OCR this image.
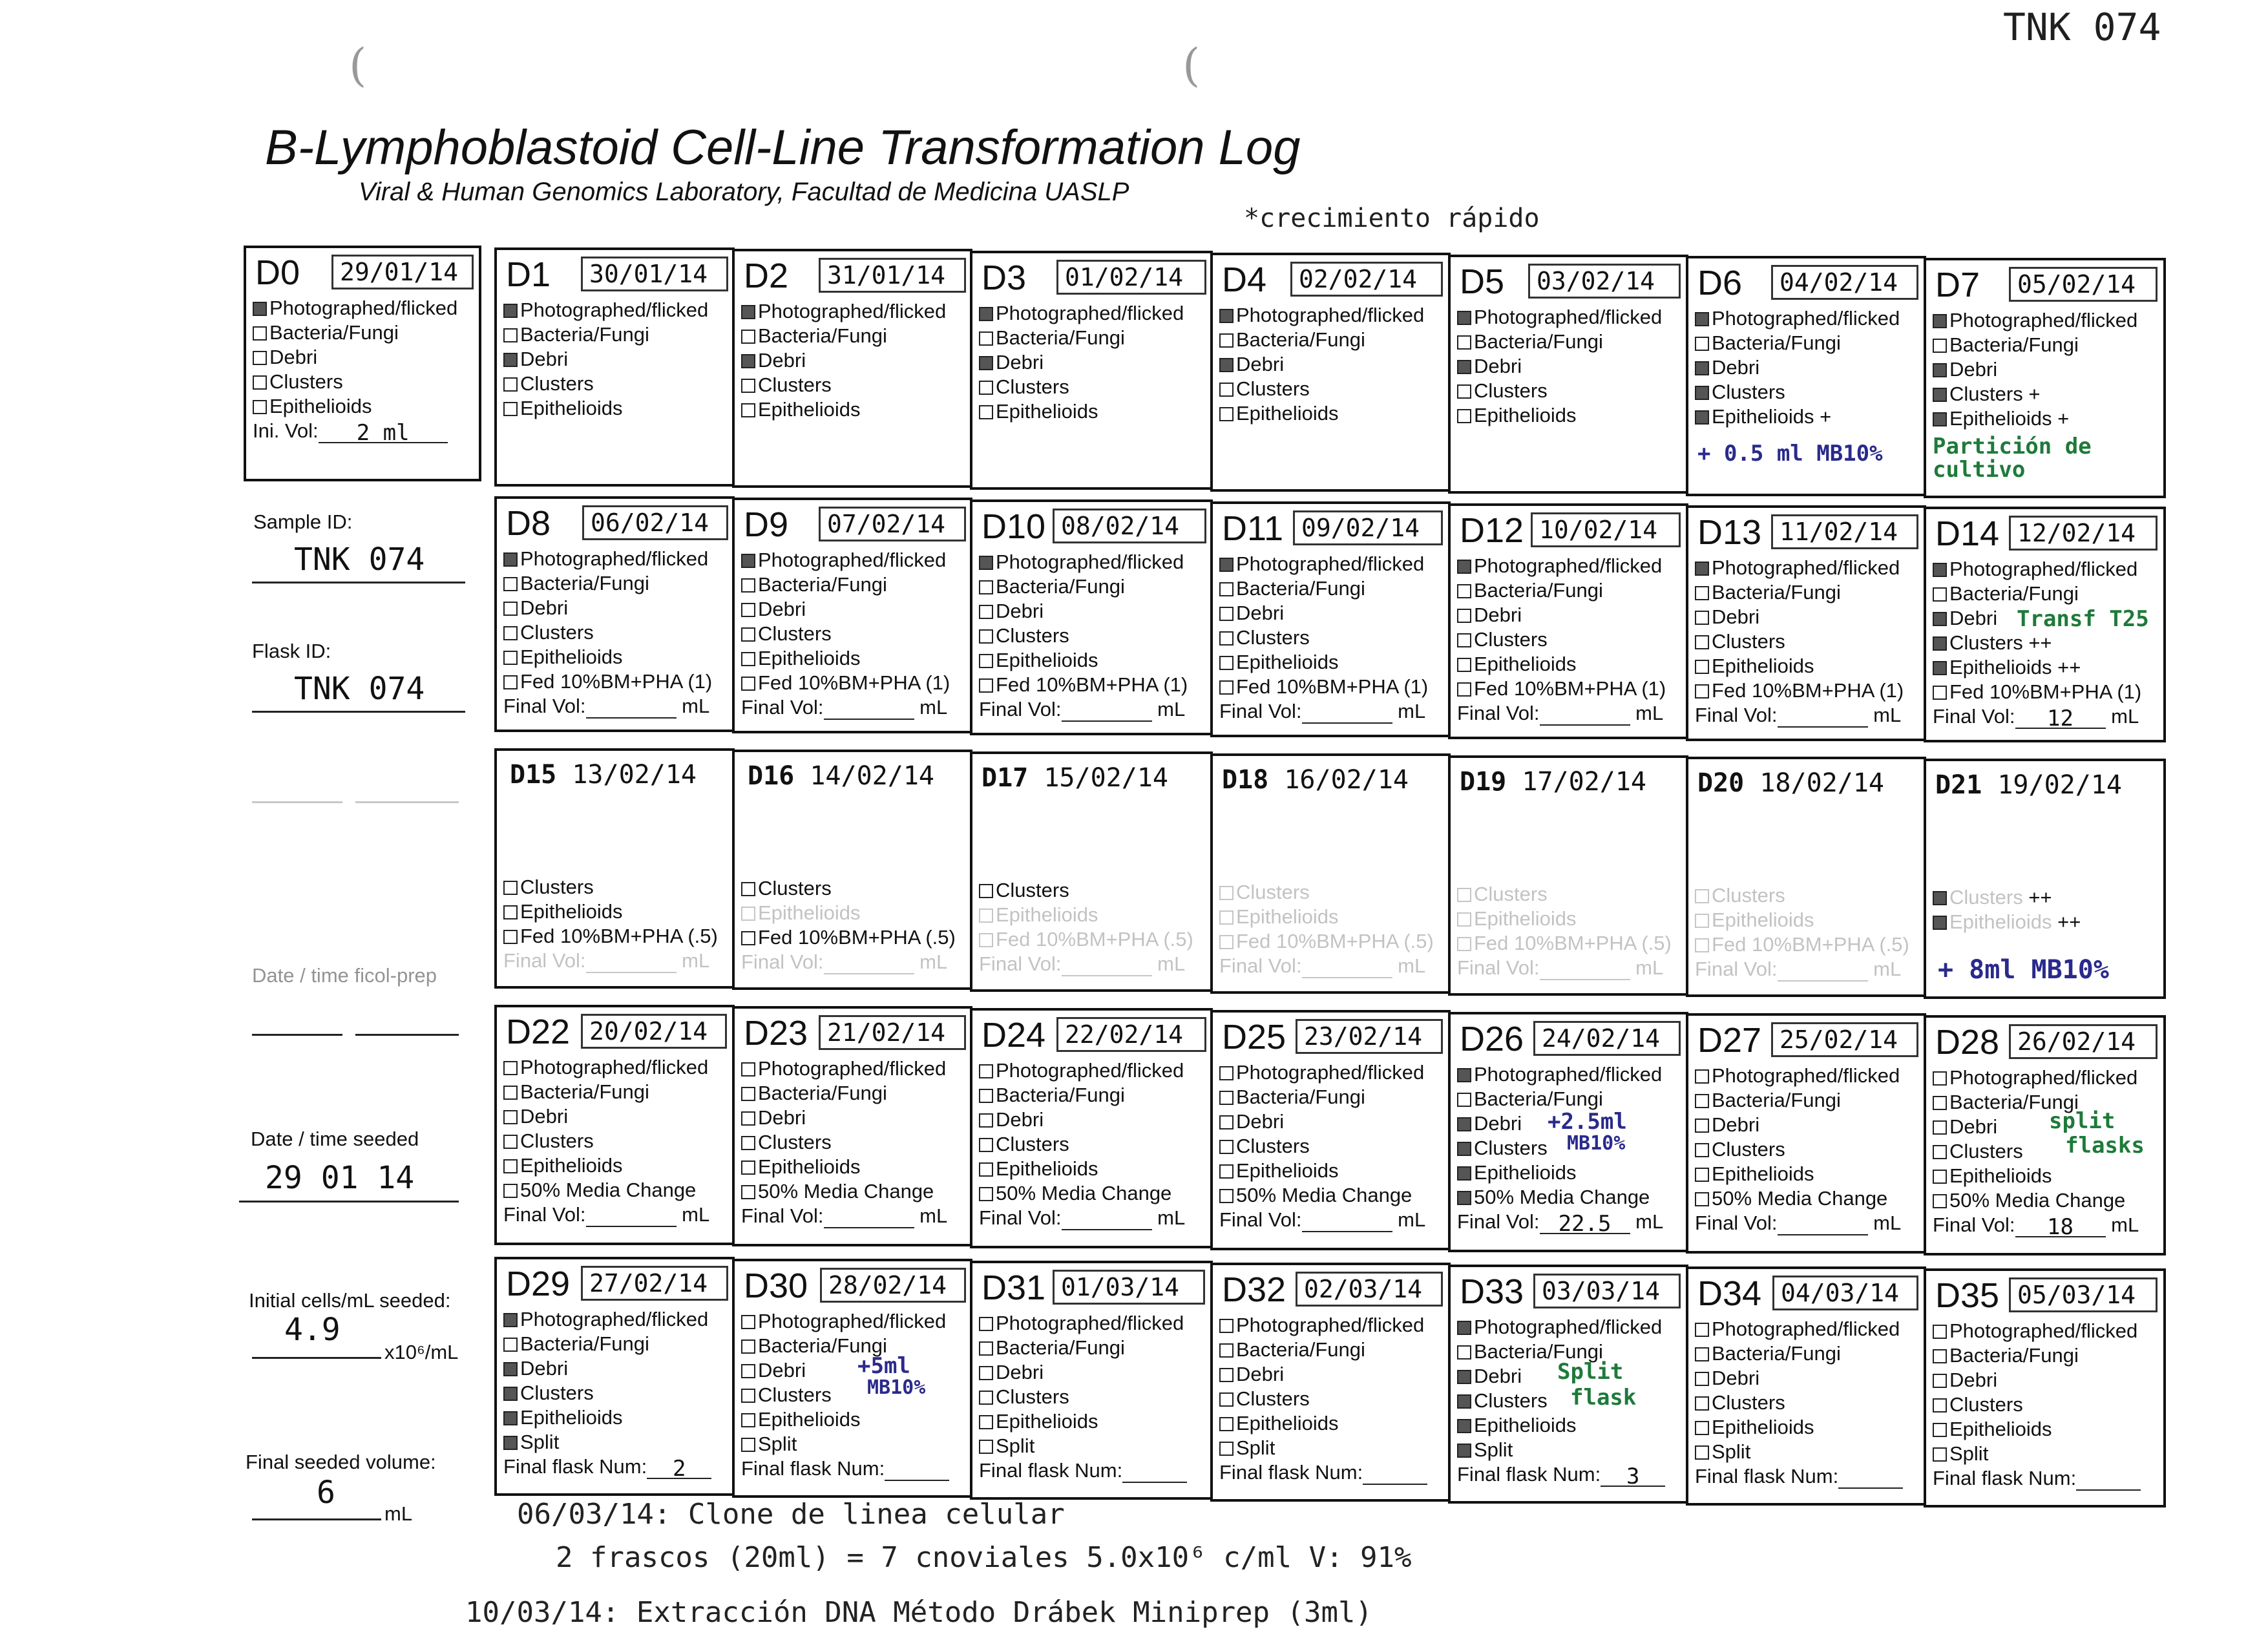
(	(
TNK 074
B-Lymphoblastoid Cell-Line Transformation Log
Viral & Human Genomics Laboratory, Facultad de Medicina UASLP
*crecimiento rápido
D0	29/01/14
Photographed/flicked
Bacteria/Fungi
Debri
Clusters
Epithelioids
Ini. Vol: 2 ml
D1	30/01/14
Photographed/flicked
Bacteria/Fungi
Debri
Clusters
Epithelioids
D2	31/01/14
Photographed/flicked
Bacteria/Fungi
Debri
Clusters
Epithelioids
D3	01/02/14
Photographed/flicked
Bacteria/Fungi
Debri
Clusters
Epithelioids
D4	02/02/14
Photographed/flicked
Bacteria/Fungi
Debri
Clusters
Epithelioids
D5	03/02/14
Photographed/flicked
Bacteria/Fungi
Debri
Clusters
Epithelioids
D6	04/02/14
Photographed/flicked
Bacteria/Fungi
Debri
Clusters
Epithelioids +
+ 0.5 ml MB10%
D7	05/02/14
Photographed/flicked
Bacteria/Fungi
Debri
Clusters +
Epithelioids +
Partición de
cultivo
Sample ID:
TNK 074
Flask ID:
TNK 074
Date / time ficol-prep
Date / time seeded
29 01 14
Initial cells/mL seeded:
4.9
x10⁶/mL
Final seeded volume:
6
mL
D8	06/02/14
Photographed/flicked
Bacteria/Fungi
Debri
Clusters
Epithelioids
Fed 10%BM+PHA (1)
Final Vol:	mL
D9	07/02/14
Photographed/flicked
Bacteria/Fungi
Debri
Clusters
Epithelioids
Fed 10%BM+PHA (1)
Final Vol:	mL
D10 08/02/14
Photographed/flicked
Bacteria/Fungi
Debri
Clusters
Epithelioids
Fed 10%BM+PHA (1)
Final Vol:	mL
D11 09/02/14
Photographed/flicked
Bacteria/Fungi
Debri
Clusters
Epithelioids
Fed 10%BM+PHA (1)
Final Vol:	mL
D12 10/02/14
Photographed/flicked
Bacteria/Fungi
Debri
Clusters
Epithelioids
Fed 10%BM+PHA (1)
Final Vol:	mL
D13 11/02/14
Photographed/flicked
Bacteria/Fungi
Debri
Clusters
Epithelioids
Fed 10%BM+PHA (1)
Final Vol:	mL
D14 12/02/14
Photographed/flicked
Bacteria/Fungi
Debri
Clusters ++
Epithelioids ++
Fed 10%BM+PHA (1)
Final Vol: 12 mL
Transf T25
D15 13/02/14
Clusters
Epithelioids
Fed 10%BM+PHA (.5)
Final Vol:	mL
D16 14/02/14
Clusters
Epithelioids
Fed 10%BM+PHA (.5)
Final Vol:	mL
D17 15/02/14
Clusters
Epithelioids
Fed 10%BM+PHA (.5)
Final Vol:	mL
D18 16/02/14
Clusters
Epithelioids
Fed 10%BM+PHA (.5)
Final Vol:	mL
D19 17/02/14
Clusters
Epithelioids
Fed 10%BM+PHA (.5)
Final Vol:	mL
D20 18/02/14
Clusters
Epithelioids
Fed 10%BM+PHA (.5)
Final Vol:	mL
D21 19/02/14
Clusters ++
Epithelioids ++
+ 8ml MB10%
D22 20/02/14
Photographed/flicked
Bacteria/Fungi
Debri
Clusters
Epithelioids
50% Media Change
Final Vol:	mL
D23 21/02/14
Photographed/flicked
Bacteria/Fungi
Debri
Clusters
Epithelioids
50% Media Change
Final Vol:	mL
D24 22/02/14
Photographed/flicked
Bacteria/Fungi
Debri
Clusters
Epithelioids
50% Media Change
Final Vol:	mL
D25 23/02/14
Photographed/flicked
Bacteria/Fungi
Debri
Clusters
Epithelioids
50% Media Change
Final Vol:	mL
D26 24/02/14
Photographed/flicked
Bacteria/Fungi
Debri
Clusters
Epithelioids
50% Media Change
Final Vol: 22.5 mL
+2.5ml
MB10%
D27 25/02/14
Photographed/flicked
Bacteria/Fungi
Debri
Clusters
Epithelioids
50% Media Change
Final Vol:	mL
D28 26/02/14
Photographed/flicked
Bacteria/Fungi
Debri
Clusters
Epithelioids
50% Media Change
Final Vol: 18 mL
split
flasks
D29 27/02/14
Photographed/flicked
Bacteria/Fungi
Debri
Clusters
Epithelioids
Split
Final flask Num: 2
D30 28/02/14
Photographed/flicked
Bacteria/Fungi
Debri
Clusters
Epithelioids
Split
Final flask Num:
+5ml
MB10%
D31 01/03/14
Photographed/flicked
Bacteria/Fungi
Debri
Clusters
Epithelioids
Split
Final flask Num:
D32 02/03/14
Photographed/flicked
Bacteria/Fungi
Debri
Clusters
Epithelioids
Split
Final flask Num:
D33 03/03/14
Photographed/flicked
Bacteria/Fungi
Debri
Clusters
Epithelioids
Split
Final flask Num: 3
Split
flask
D34 04/03/14
Photographed/flicked
Bacteria/Fungi
Debri
Clusters
Epithelioids
Split
Final flask Num:
D35 05/03/14
Photographed/flicked
Bacteria/Fungi
Debri
Clusters
Epithelioids
Split
Final flask Num:
06/03/14: Clone de linea celular
2 frascos (20ml) = 7 cnoviales 5.0x10⁶ c/ml V: 91%
10/03/14: Extracción DNA Método Drábek Miniprep (3ml)
